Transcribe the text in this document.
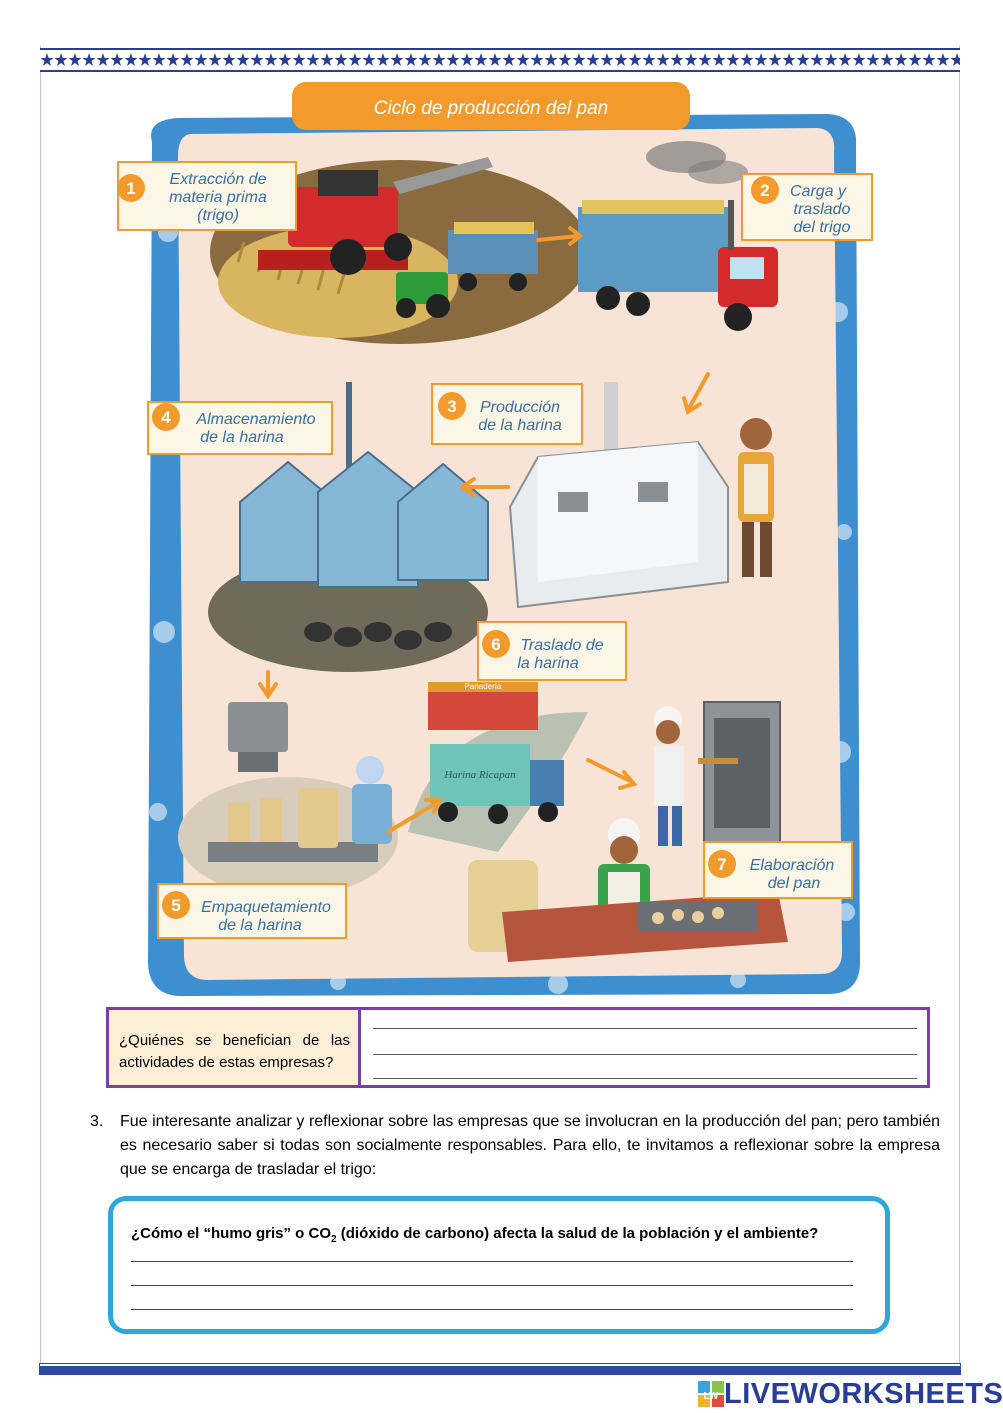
Ciclo de producción del pan
1 Extracción de
materia prima
(trigo)
2 Carga y
traslado
del trigo
3 Producción
de la harina
4 Almacenamiento
de la harina
5 Empaquetamiento
de la harina
6 Traslado de
la harina
7 Elaboración
del pan
Panadería
Harina Ricapan
¿Quiénes se benefician de las actividades de estas empresas?
3. Fue interesante analizar y reflexionar sobre las empresas que se involucran en la producción del pan; pero también es necesario saber si todas son socialmente responsables. Para ello, te invitamos a reflexionar sobre la empresa que se encarga de trasladar el trigo:
¿Cómo el “humo gris” o $CO_2$ (dióxido de carbono) afecta la salud de la población y el ambiente?
LW LIVEWORKSHEETS
